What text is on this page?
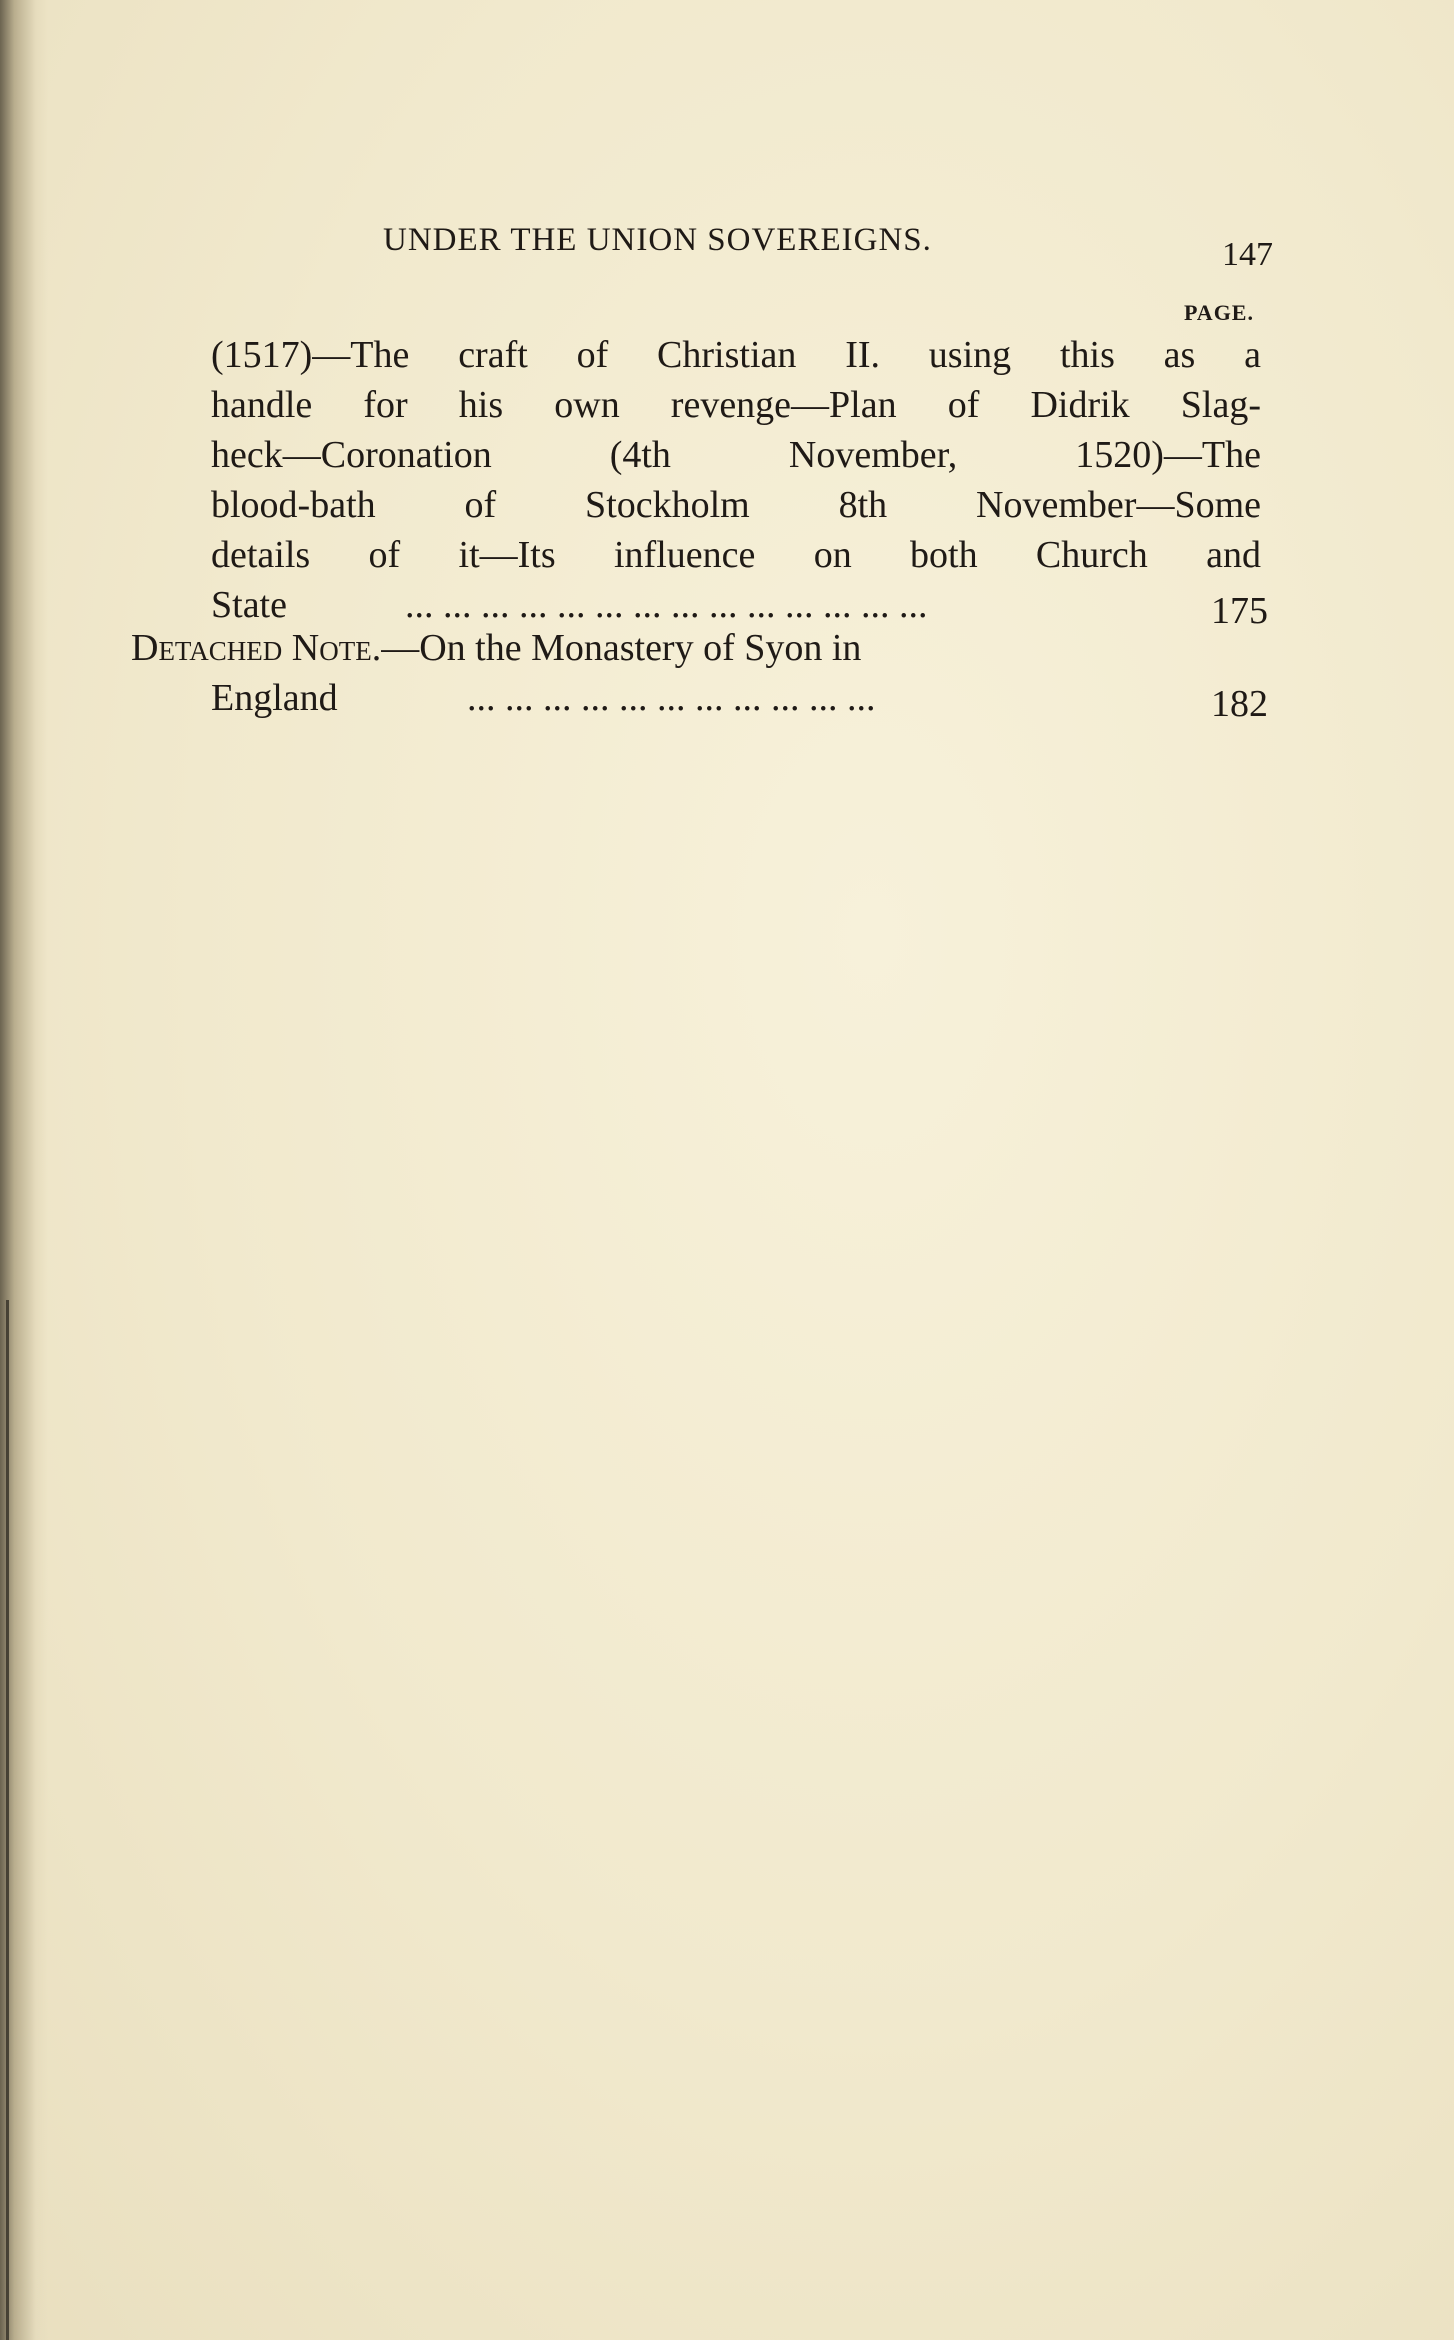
UNDER THE UNION SOVEREIGNS.	147
PAGE.
(1517)—The craft of Christian II. using this as a
handle for his own revenge—Plan of Didrik Slag-
heck—Coronation (4th November, 1520)—The
blood-bath of Stockholm 8th November—Some
details of it—Its influence on both Church and
State	... ... ... ... ... ... ... ... ... ... ... ... ... ...	175
Detached Note.—On the Monastery of Syon in
England	... ... ... ... ... ... ... ... ... ... ...	182
